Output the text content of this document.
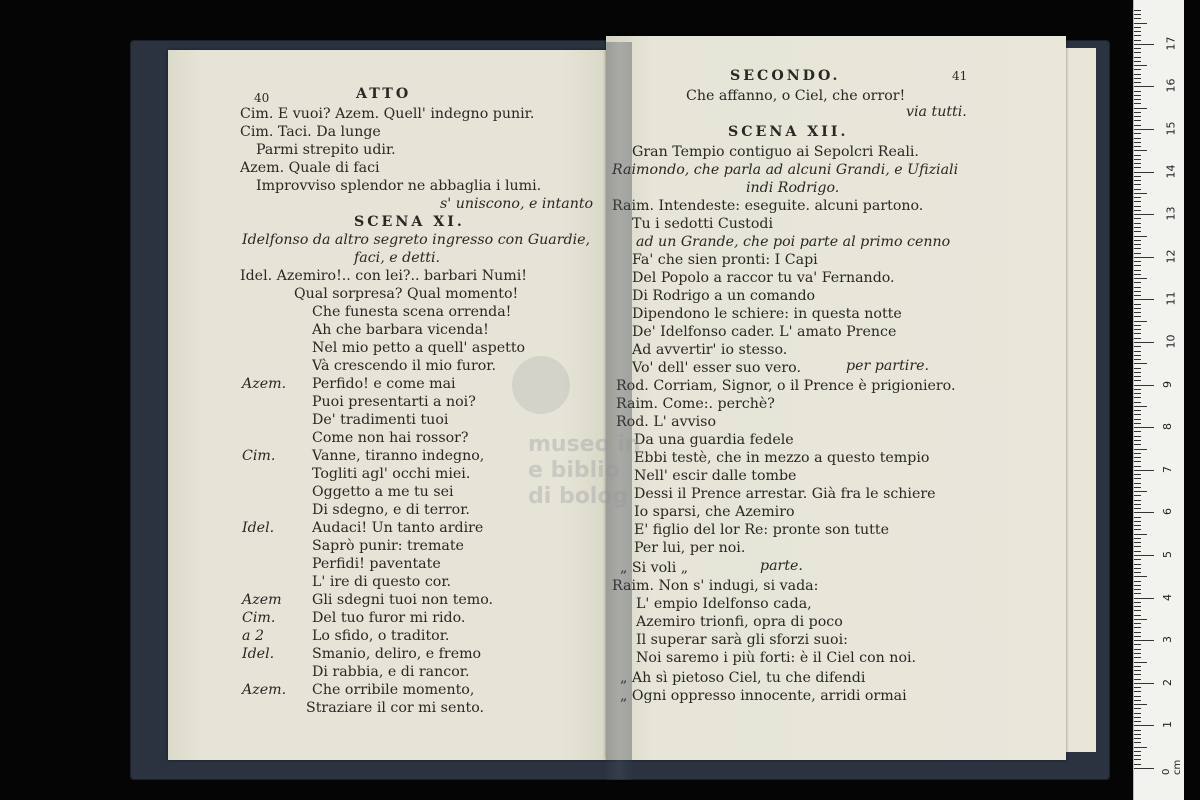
40	ATTO
Cim. E vuoi? Azem. Quell' indegno punir.
Cim. Taci. Da lunge
Parmi strepito udir.
Azem. Quale di faci
Improvviso splendor ne abbaglia i lumi.
s' uniscono, e intanto
SCENA XI.
Idelfonso da altro segreto ingresso con Guardie,
faci, e detti.
Idel. Azemiro!.. con lei?.. barbari Numi!
Qual sorpresa? Qual momento!
Che funesta scena orrenda!
Ah che barbara vicenda!
Nel mio petto a quell' aspetto
Và crescendo il mio furor.
Azem. Perfido! e come mai
Puoi presentarti a noi?
De' tradimenti tuoi
Come non hai rossor?
Cim.	Vanne, tiranno indegno,
Togliti agl' occhi miei.
Oggetto a me tu sei
Di sdegno, e di terror.
Idel.	Audaci! Un tanto ardire
Saprò punir: tremate
Perfidi! paventate
L' ire di questo cor.
Azem Gli sdegni tuoi non temo.
Cim.	Del tuo furor mi rido.
a 2	Lo sfido, o traditor.
Idel.	Smanio, deliro, e fremo
Di rabbia, e di rancor.
Azem. Che orribile momento,
Straziare il cor mi sento.
SECONDO.	41
Che affanno, o Ciel, che orror!
via tutti.
SCENA XII.
Gran Tempio contiguo ai Sepolcri Reali.
Raimondo, che parla ad alcuni Grandi, e Ufiziali
indi Rodrigo.
Raim. Intendeste: eseguite. alcuni partono.
Tu i sedotti Custodi
ad un Grande, che poi parte al primo cenno
Fa' che sien pronti: I Capi
Del Popolo a raccor tu va' Fernando.
Di Rodrigo a un comando
Dipendono le schiere: in questa notte
De' Idelfonso cader. L' amato Prence
Ad avvertir' io stesso.
Vo' dell' esser suo vero.	per partire.
Rod. Corriam, Signor, o il Prence è prigioniero.
Raim. Come:. perchè?
Rod. L' avviso
Da una guardia fedele
Ebbi testè, che in mezzo a questo tempio
Nell' escir dalle tombe
Dessi il Prence arrestar. Già fra le schiere
Io sparsi, che Azemiro
E' figlio del lor Re: pronte son tutte
Per lui, per noi.
„ Si voli „	parte.
Raim. Non s' indugi, si vada:
L' empio Idelfonso cada,
Azemiro trionfi, opra di poco
Il superar sarà gli sforzi suoi:
Noi saremo i più forti: è il Ciel con noi.
„ Ah sì pietoso Ciel, tu che difendi
„ Ogni oppresso innocente, arridi ormai
museo in
e biblio
di bolog
0 cm
1
2
3
4
5
6
7
8
9
10
11
12
13
14
15
16
17
